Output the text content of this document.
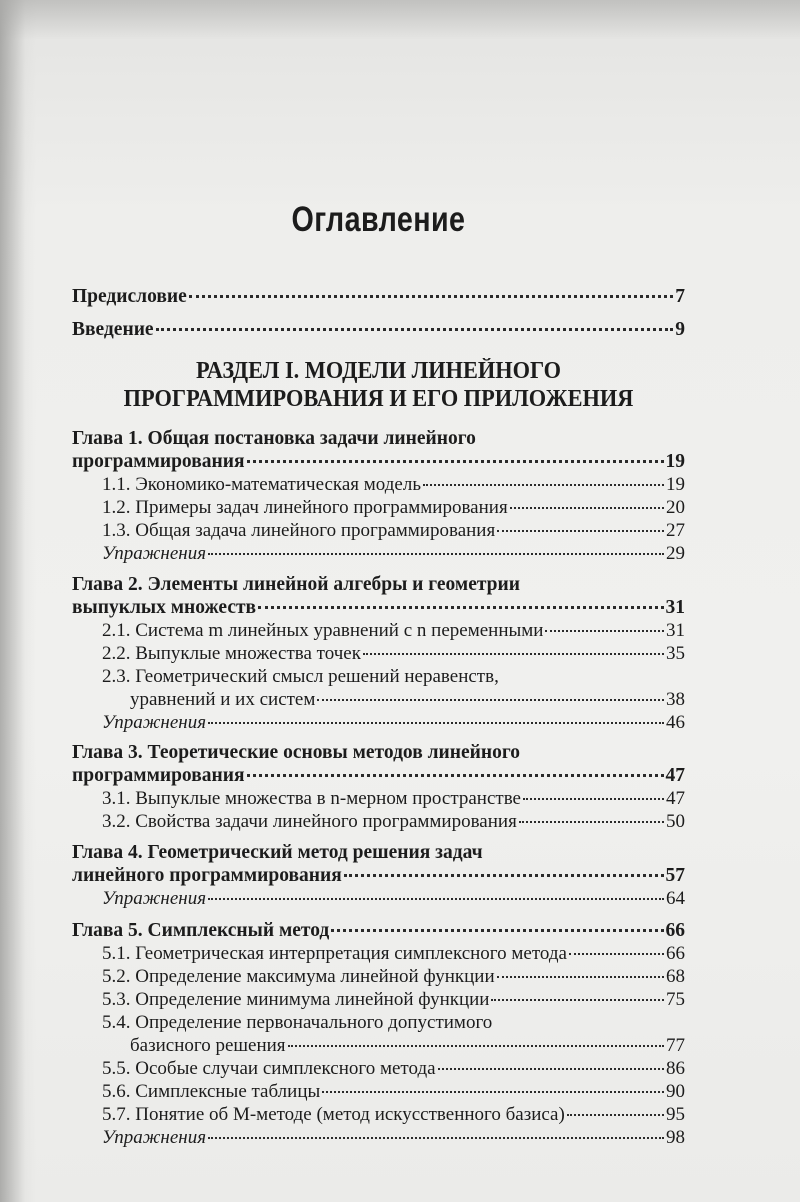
Оглавление
Предисловие	7
Введение	9
РАЗДЕЛ I. МОДЕЛИ ЛИНЕЙНОГО
ПРОГРАММИРОВАНИЯ И ЕГО ПРИЛОЖЕНИЯ
Глава 1. Общая постановка задачи линейного
программирования	19
1.1. Экономико-математическая модель	19
1.2. Примеры задач линейного программирования	20
1.3. Общая задача линейного программирования	27
Упражнения	29
Глава 2. Элементы линейной алгебры и геометрии
выпуклых множеств	31
2.1. Система m линейных уравнений с n переменными	31
2.2. Выпуклые множества точек	35
2.3. Геометрический смысл решений неравенств,
уравнений и их систем	38
Упражнения	46
Глава 3. Теоретические основы методов линейного
программирования	47
3.1. Выпуклые множества в n-мерном пространстве	47
3.2. Свойства задачи линейного программирования	50
Глава 4. Геометрический метод решения задач
линейного программирования	57
Упражнения	64
Глава 5. Симплексный метод	66
5.1. Геометрическая интерпретация симплексного метода	66
5.2. Определение максимума линейной функции	68
5.3. Определение минимума линейной функции	75
5.4. Определение первоначального допустимого
базисного решения	77
5.5. Особые случаи симплексного метода	86
5.6. Симплексные таблицы	90
5.7. Понятие об M-методе (метод искусственного базиса)	95
Упражнения	98
